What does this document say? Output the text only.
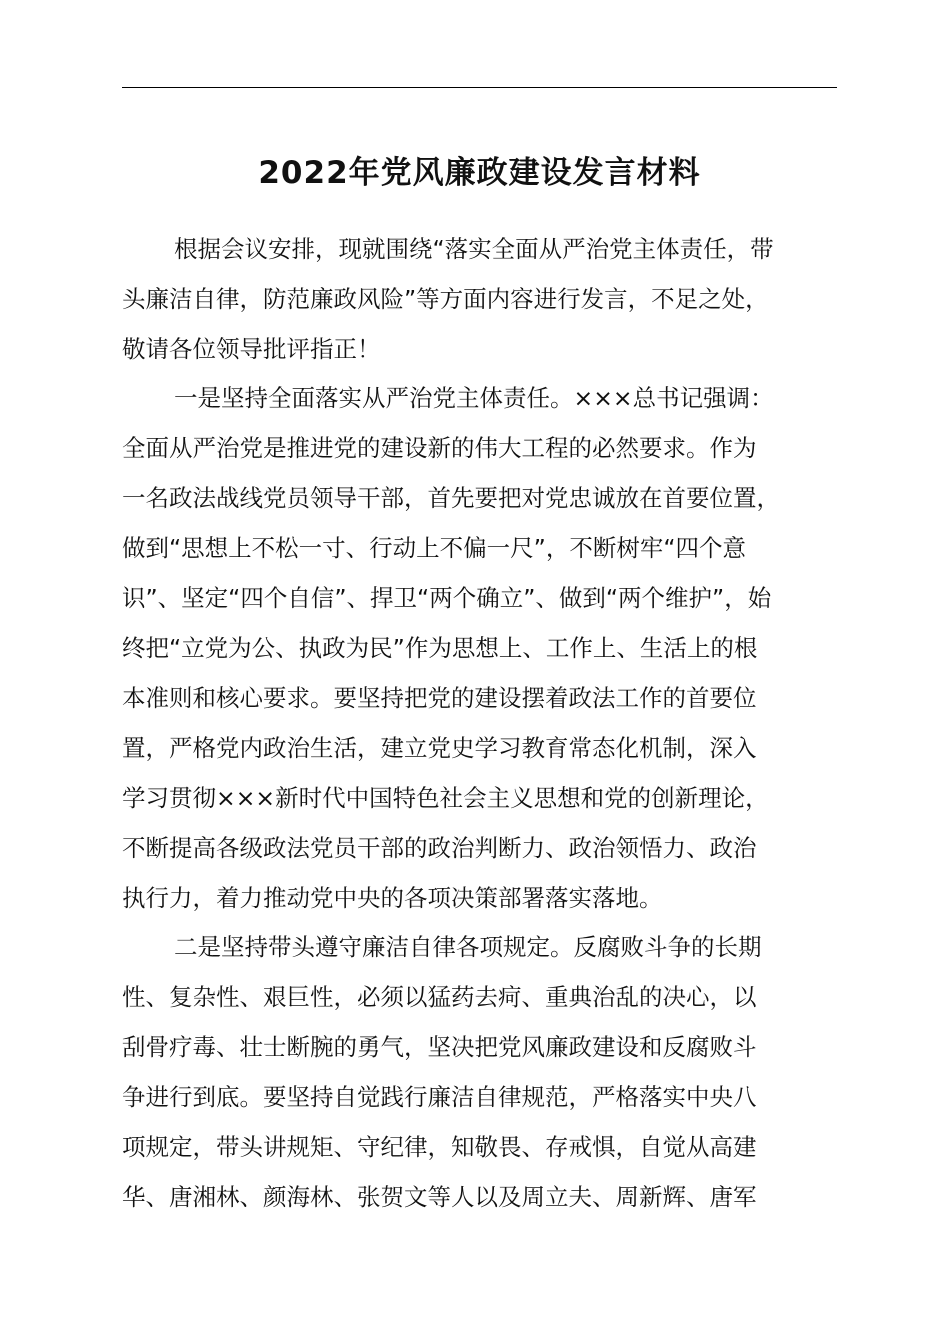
2022年党风廉政建设发言材料
根据会议安排，现就围绕“落实全面从严治党主体责任，带
头廉洁自律，防范廉政风险”等方面内容进行发言，不足之处，
敬请各位领导批评指正！
一是坚持全面落实从严治党主体责任。×××总书记强调：
全面从严治党是推进党的建设新的伟大工程的必然要求。作为
一名政法战线党员领导干部，首先要把对党忠诚放在首要位置，
做到“思想上不松一寸、行动上不偏一尺”，不断树牢“四个意
识”、坚定“四个自信”、捍卫“两个确立”、做到“两个维护”，始
终把“立党为公、执政为民”作为思想上、工作上、生活上的根
本准则和核心要求。要坚持把党的建设摆着政法工作的首要位
置，严格党内政治生活，建立党史学习教育常态化机制，深入
学习贯彻×××新时代中国特色社会主义思想和党的创新理论，
不断提高各级政法党员干部的政治判断力、政治领悟力、政治
执行力，着力推动党中央的各项决策部署落实落地。
二是坚持带头遵守廉洁自律各项规定。反腐败斗争的长期
性、复杂性、艰巨性，必须以猛药去疴、重典治乱的决心，以
刮骨疗毒、壮士断腕的勇气，坚决把党风廉政建设和反腐败斗
争进行到底。要坚持自觉践行廉洁自律规范，严格落实中央八
项规定，带头讲规矩、守纪律，知敬畏、存戒惧，自觉从高建
华、唐湘林、颜海林、张贺文等人以及周立夫、周新辉、唐军
